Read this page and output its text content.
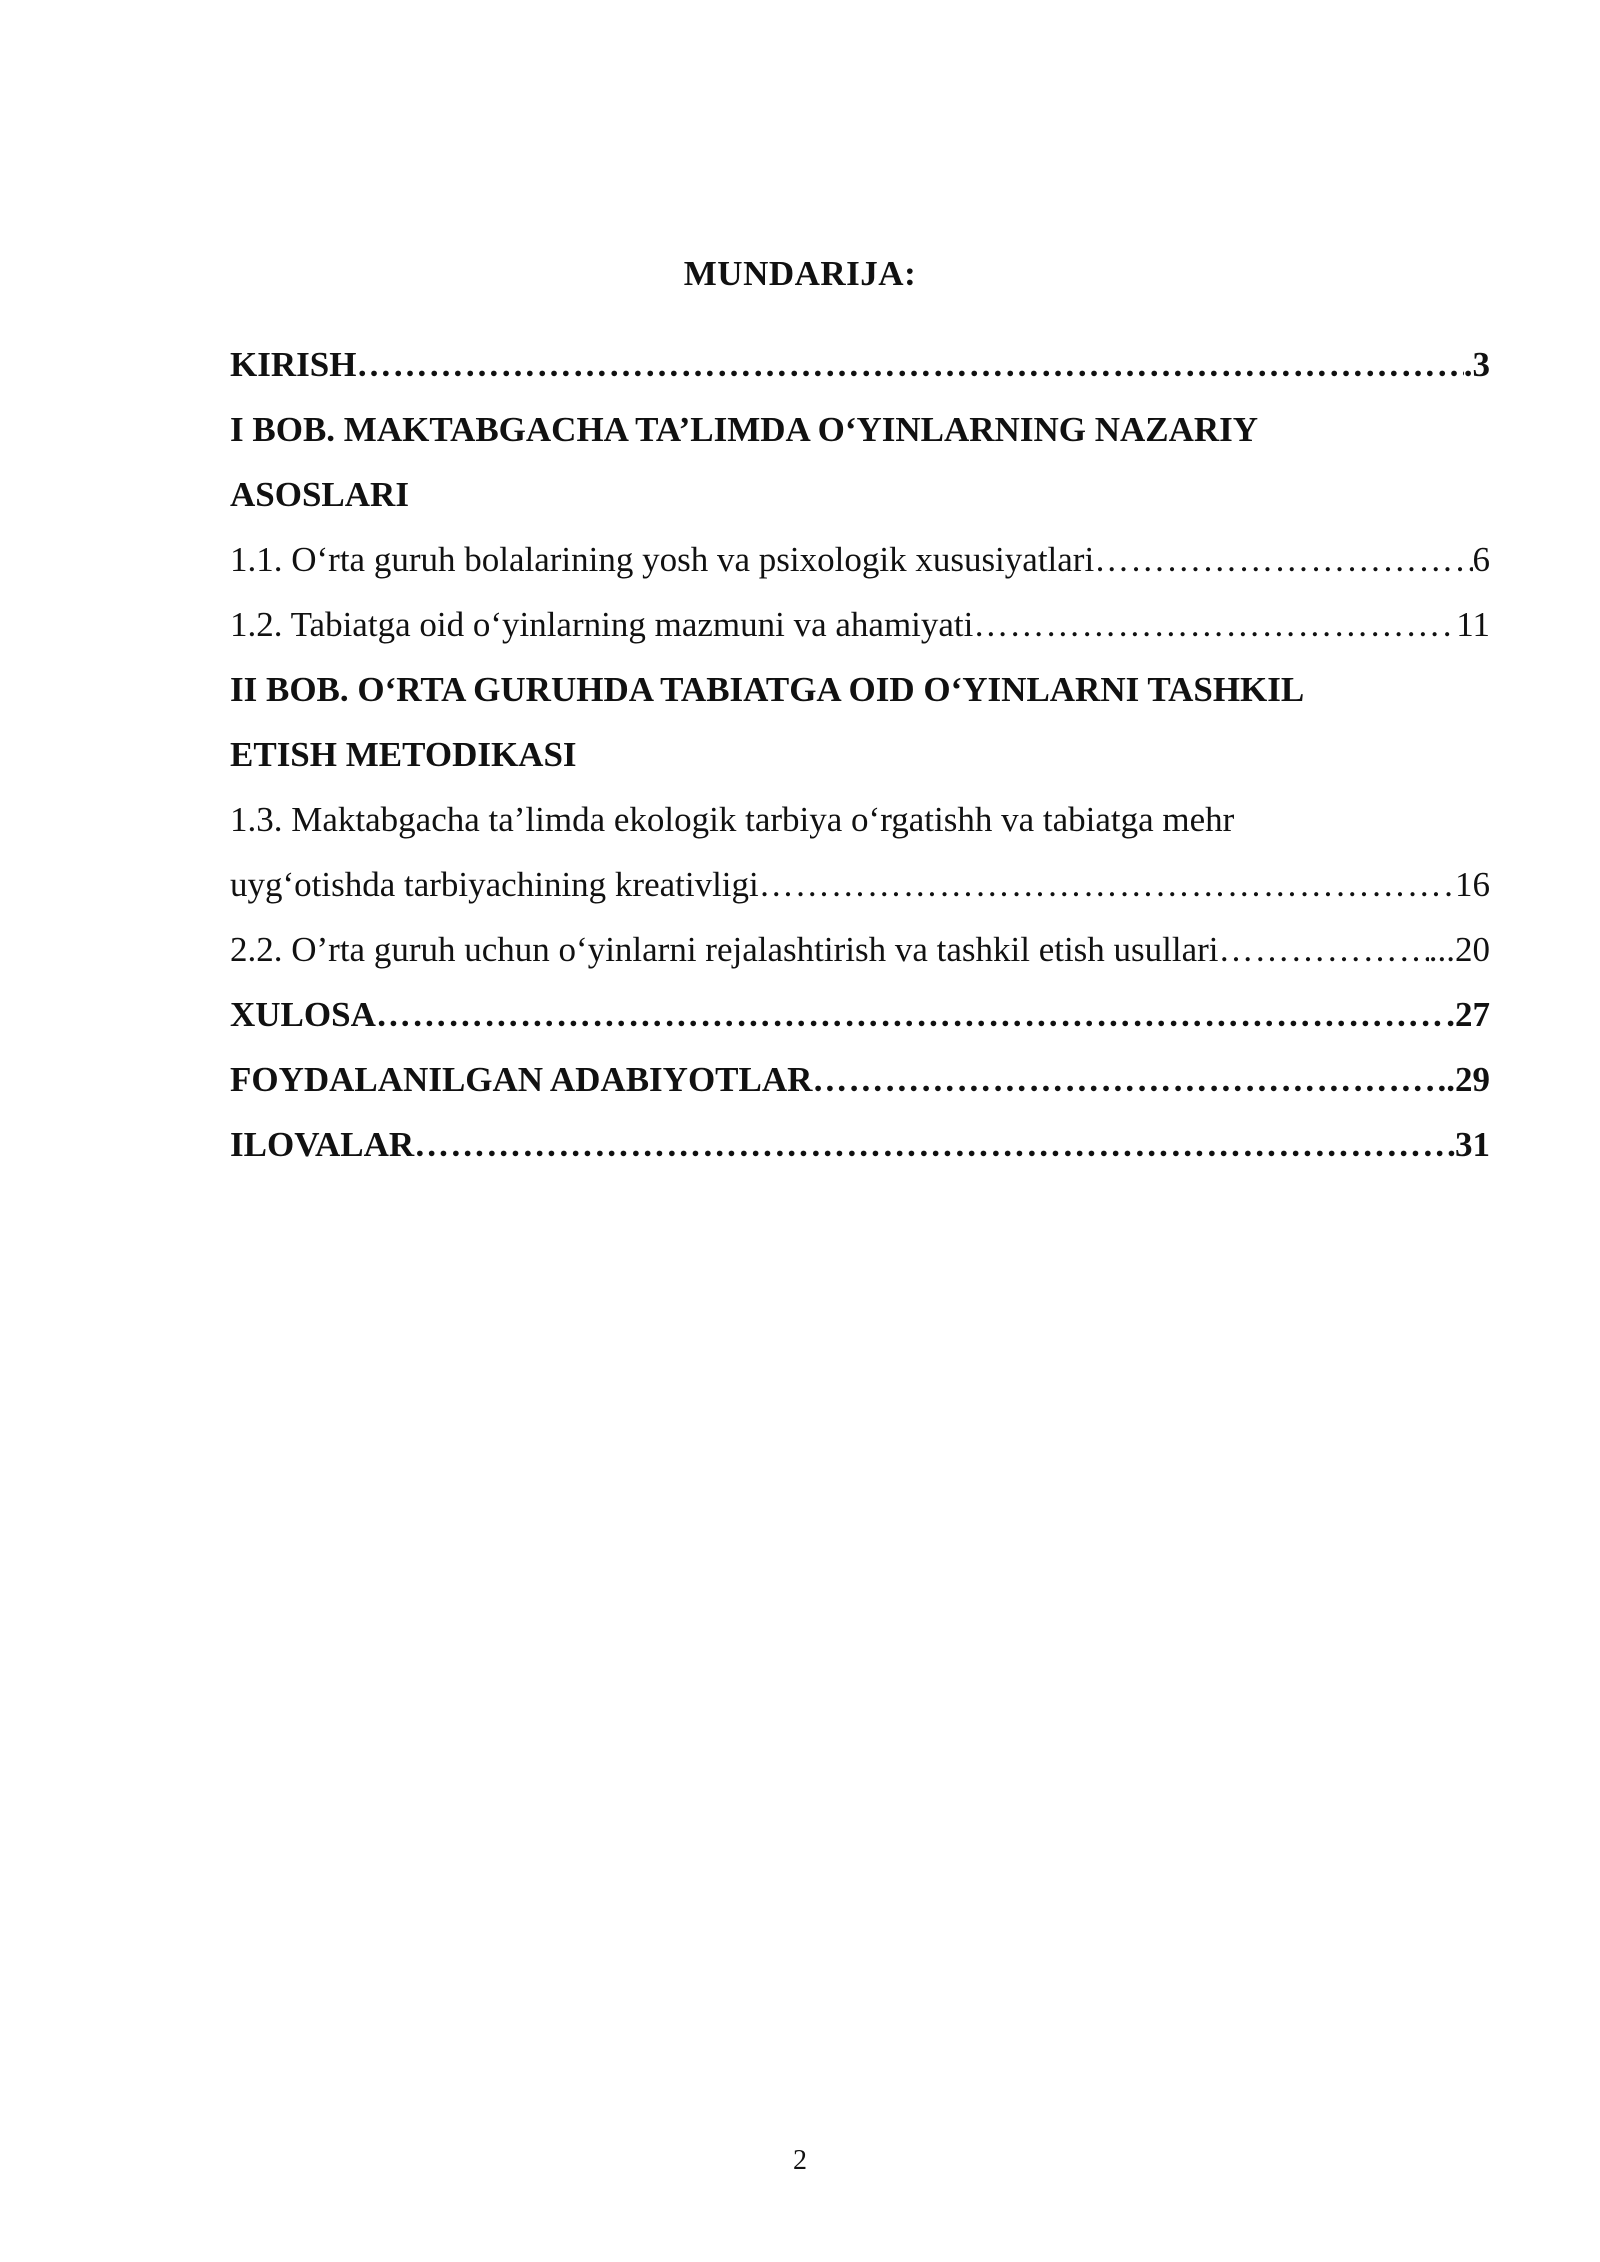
MUNDARIJA:
KIRISH ……………………………………………………………………………………………………………………………………………	. 3
I BOB. MAKTABGACHA TA’LIMDA O‘YINLARNING NAZARIY
ASOSLARI
1.1. O‘rta guruh bolalarining yosh va psixologik xususiyatlari ……………………………………………………………………………………………………………………………………………	6
1.2. Tabiatga oid o‘yinlarning mazmuni va ahamiyati ……………………………………………………………………………………………………………………………………………	11
II BOB. O‘RTA GURUHDA TABIATGA OID O‘YINLARNI TASHKIL
ETISH METODIKASI
1.3. Maktabgacha ta’limda ekologik tarbiya o‘rgatishh va tabiatga mehr
uyg‘otishda tarbiyachining kreativligi ……………………………………………………………………………………………………………………………………………	16
2.2. O’rta guruh uchun o‘yinlarni rejalashtirish va tashkil etish usullari ……………………………………………………………………………………………………………………………………………	... 20
XULOSA ……………………………………………………………………………………………………………………………………………	. 27
FOYDALANILGAN ADABIYOTLAR ……………………………………………………………………………………………………………………………………………	.. 29
ILOVALAR ……………………………………………………………………………………………………………………………………………	31
2
